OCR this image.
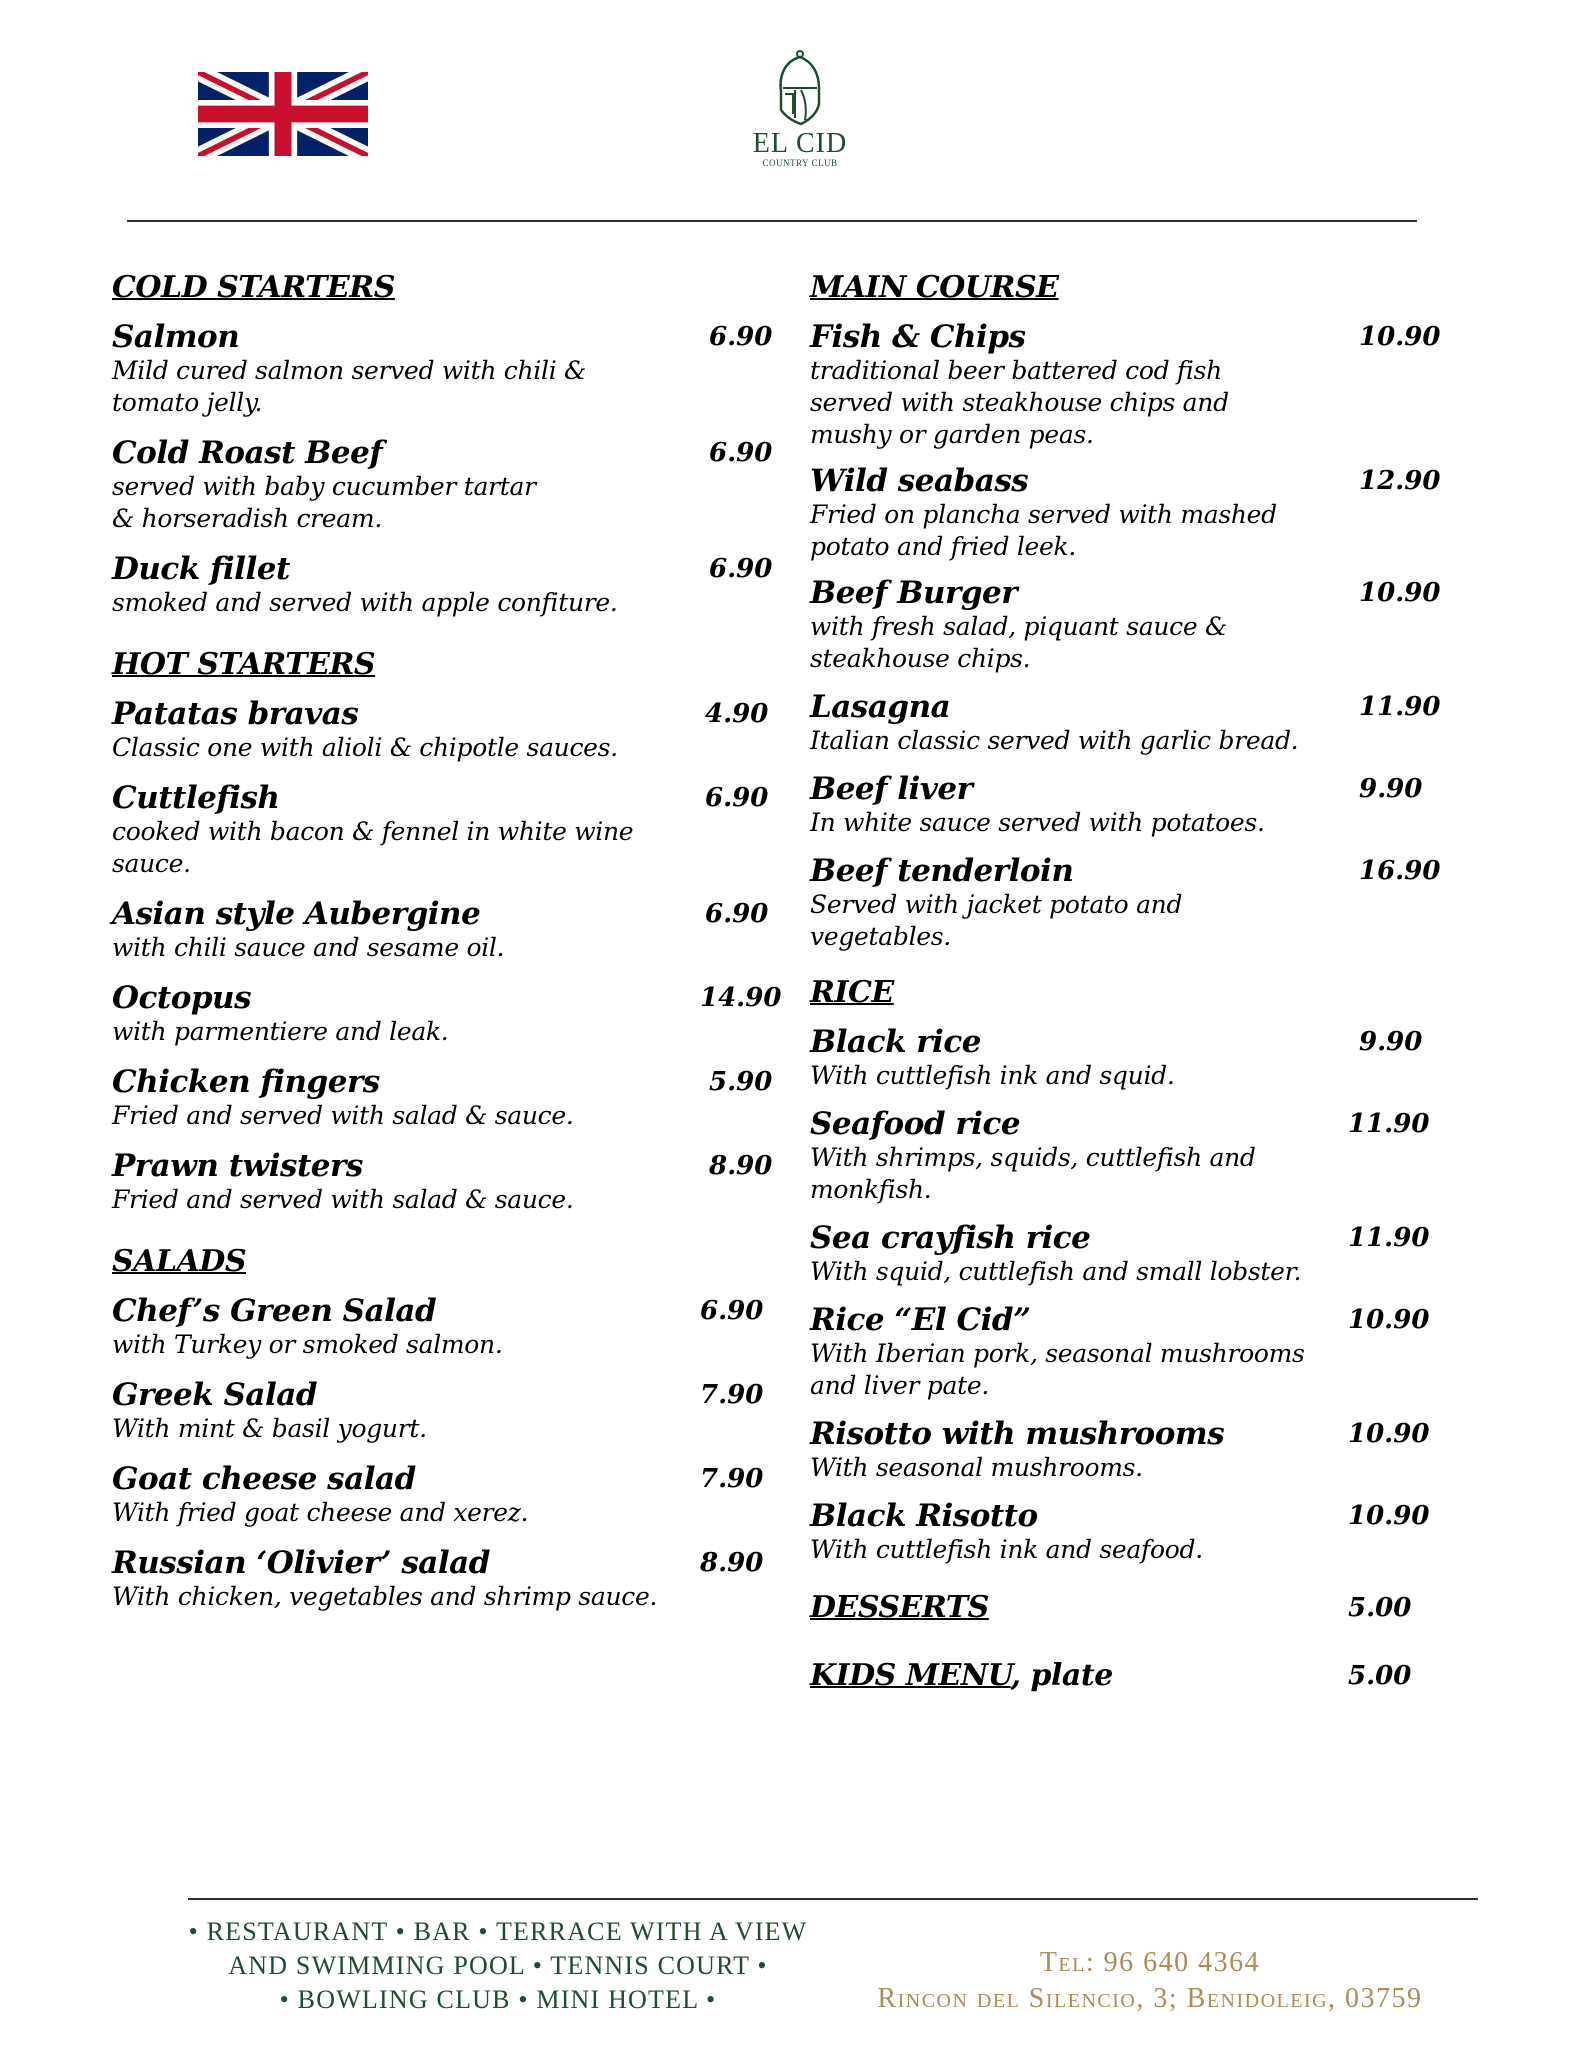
EL CID
COUNTRY CLUB
COLD STARTERS
Salmon	6.90
Mild cured salmon served with chili &
tomato jelly.
Cold Roast Beef	6.90
served with baby cucumber tartar
& horseradish cream.
Duck fillet	6.90
smoked and served with apple confiture.
HOT STARTERS
Patatas bravas	4.90
Classic one with alioli & chipotle sauces.
Cuttlefish	6.90
cooked with bacon & fennel in white wine
sauce.
Asian style Aubergine	6.90
with chili sauce and sesame oil.
Octopus	14.90
with parmentiere and leak.
Chicken fingers	5.90
Fried and served with salad & sauce.
Prawn twisters	8.90
Fried and served with salad & sauce.
SALADS
Chef’s Green Salad	6.90
with Turkey or smoked salmon.
Greek Salad	7.90
With mint & basil yogurt.
Goat cheese salad	7.90
With fried goat cheese and xerez.
Russian ‘Olivier’ salad	8.90
With chicken, vegetables and shrimp sauce.
MAIN COURSE
Fish & Chips	10.90
traditional beer battered cod fish
served with steakhouse chips and
mushy or garden peas.
Wild seabass	12.90
Fried on plancha served with mashed
potato and fried leek.
Beef Burger	10.90
with fresh salad, piquant sauce &
steakhouse chips.
Lasagna	11.90
Italian classic served with garlic bread.
Beef liver	9.90
In white sauce served with potatoes.
Beef tenderloin	16.90
Served with jacket potato and
vegetables.
RICE
Black rice	9.90
With cuttlefish ink and squid.
Seafood rice	11.90
With shrimps, squids, cuttlefish and
monkfish.
Sea crayfish rice	11.90
With squid, cuttlefish and small lobster.
Rice “El Cid”	10.90
With Iberian pork, seasonal mushrooms
and liver pate.
Risotto with mushrooms	10.90
With seasonal mushrooms.
Black Risotto	10.90
With cuttlefish ink and seafood.
DESSERTS	5.00
KIDS MENU, plate	5.00
• RESTAURANT • BAR • TERRACE WITH A VIEW
AND SWIMMING POOL • TENNIS COURT •
• BOWLING CLUB • MINI HOTEL •
Tel: 96 640 4364
Rincon del Silencio, 3; Benidoleig, 03759
